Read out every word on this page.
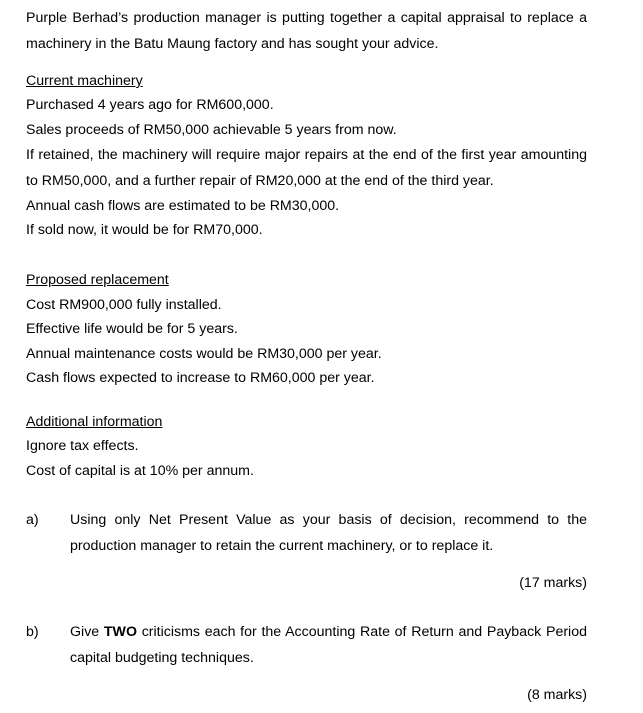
Purple Berhad’s production manager is putting together a capital appraisal to replace a
machinery in the Batu Maung factory and has sought your advice.
Current machinery
Purchased 4 years ago for RM600,000.
Sales proceeds of RM50,000 achievable 5 years from now.
If retained, the machinery will require major repairs at the end of the first year amounting
to RM50,000, and a further repair of RM20,000 at the end of the third year.
Annual cash flows are estimated to be RM30,000.
If sold now, it would be for RM70,000.
Proposed replacement
Cost RM900,000 fully installed.
Effective life would be for 5 years.
Annual maintenance costs would be RM30,000 per year.
Cash flows expected to increase to RM60,000 per year.
Additional information
Ignore tax effects.
Cost of capital is at 10% per annum.
a) Using only Net Present Value as your basis of decision, recommend to the
production manager to retain the current machinery, or to replace it.
(17 marks)
b) Give TWO criticisms each for the Accounting Rate of Return and Payback Period
capital budgeting techniques.
(8 marks)
